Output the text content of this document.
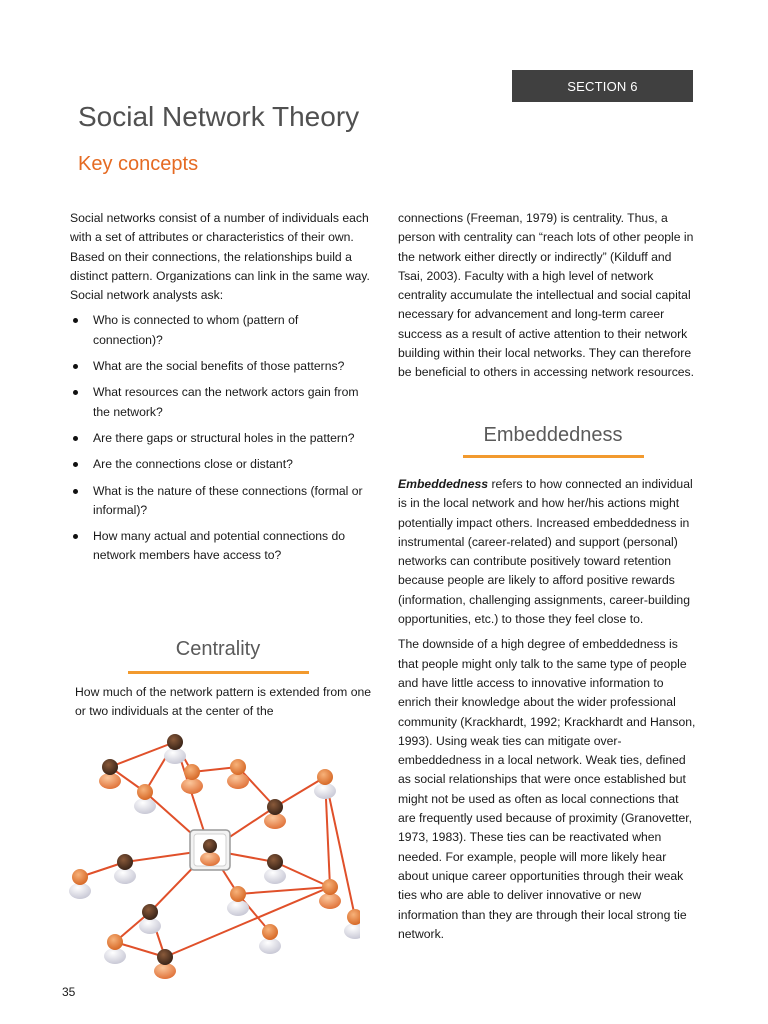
SECTION 6
Social Network Theory
Key concepts

Social networks consist of a number of individuals each with a set of attributes or characteristics of their own. Based on their connections, the relationships build a distinct pattern. Organizations can link in the same way. Social network analysts ask:

Who is connected to whom (pattern of connection)?
What are the social benefits of those patterns?
What resources can the network actors gain from the network?
Are there gaps or structural holes in the pattern?
Are the connections close or distant?
What is the nature of these connections (formal or informal)?
How many actual and potential connections do network members have access to?
Centrality

How much of the network pattern is extended from one or two individuals at the center of the

connections (Freeman, 1979) is centrality. Thus, a person with centrality can “reach lots of other people in the network either directly or indirectly” (Kilduff and Tsai, 2003). Faculty with a high level of network centrality accumulate the intellectual and social capital necessary for advancement and long-term career success as a result of active attention to their network building within their local networks. They can therefore be beneficial to others in accessing network resources.

Embeddedness

Embeddedness refers to how connected an individual is in the local network and how her/his actions might potentially impact others. Increased embeddedness in instrumental (career-related) and support (personal) networks can contribute positively toward retention because people are likely to afford positive rewards (information, challenging assignments, career-building opportunities, etc.) to those they feel close to.

The downside of a high degree of embeddedness is that people might only talk to the same type of people and have little access to innovative information to enrich their knowledge about the wider professional community (Krackhardt, 1992; Krackhardt and Hanson, 1993). Using weak ties can mitigate over-embeddedness in a local network. Weak ties, defined as social relationships that were once established but might not be used as often as local connections that are frequently used because of proximity (Granovetter, 1973, 1983). These ties can be reactivated when needed. For example, people will more likely hear about unique career opportunities through their weak ties who are able to deliver innovative or new information than they are through their local strong tie network.

35
